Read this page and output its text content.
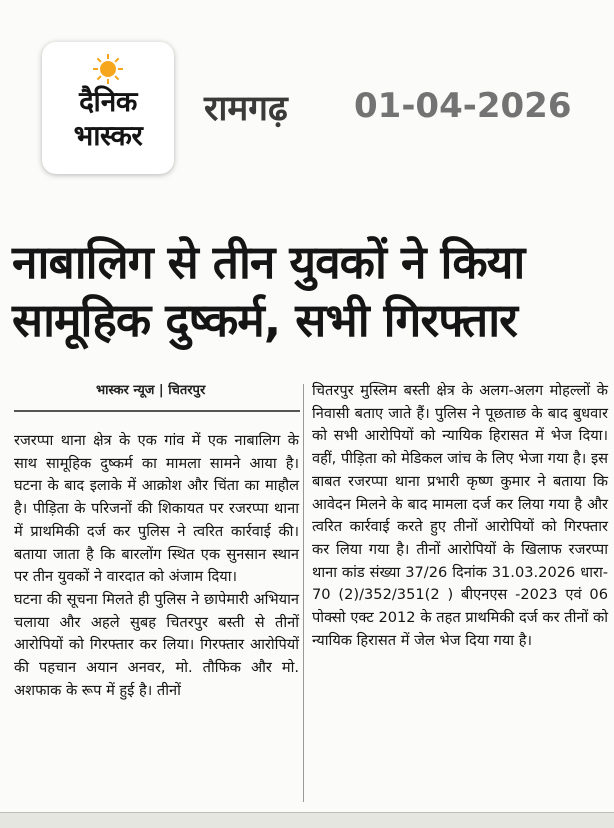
दैनिक
भास्कर
रामगढ़ 01-04-2026
नाबालिग से तीन युवकों ने किया सामूहिक दुष्कर्म, सभी गिरफ्तार
भास्कर न्यूज | चितरपुर

रजरप्पा थाना क्षेत्र के एक गांव में एक नाबालिग के साथ सामूहिक दुष्कर्म का मामला सामने आया है। घटना के बाद इलाके में आक्रोश और चिंता का माहौल है। पीड़िता के परिजनों की शिकायत पर रजरप्पा थाना में प्राथमिकी दर्ज कर पुलिस ने त्वरित कार्रवाई की। बताया जाता है कि बारलोंग स्थित एक सुनसान स्थान पर तीन युवकों ने वारदात को अंजाम दिया।

घटना की सूचना मिलते ही पुलिस ने छापेमारी अभियान चलाया और अहले सुबह चितरपुर बस्ती से तीनों आरोपियों को गिरफ्तार कर लिया। गिरफ्तार आरोपियों की पहचान अयान अनवर, मो. तौफिक और मो. अशफाक के रूप में हुई है। तीनों

चितरपुर मुस्लिम बस्ती क्षेत्र के अलग-अलग मोहल्लों के निवासी बताए जाते हैं। पुलिस ने पूछताछ के बाद बुधवार को सभी आरोपियों को न्यायिक हिरासत में भेज दिया। वहीं, पीड़िता को मेडिकल जांच के लिए भेजा गया है। इस बाबत रजरप्पा थाना प्रभारी कृष्ण कुमार ने बताया कि आवेदन मिलने के बाद मामला दर्ज कर लिया गया है और त्वरित कार्रवाई करते हुए तीनों आरोपियों को गिरफ्तार कर लिया गया है। तीनों आरोपियों के खिलाफ रजरप्पा थाना कांड संख्या 37/26 दिनांक 31.03.2026 धारा- 70 (2)/352/351(2 ) बीएनएस -2023 एवं 06 पोक्सो एक्ट 2012 के तहत प्राथमिकी दर्ज कर तीनों को न्यायिक हिरासत में जेल भेज दिया गया है।
